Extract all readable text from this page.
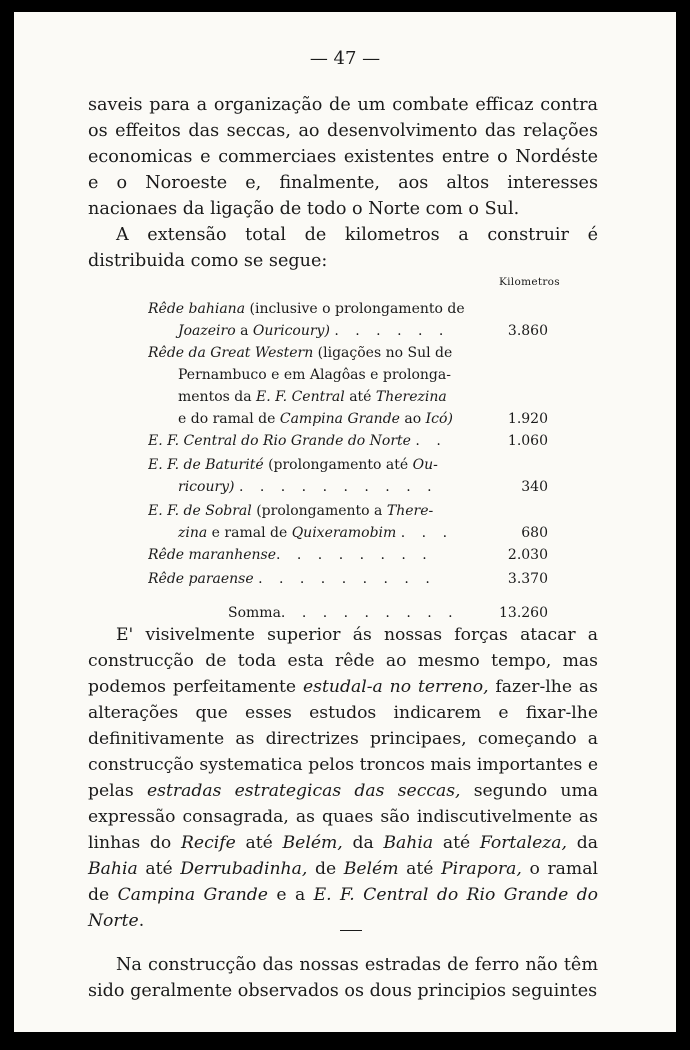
— 47 —

saveis para a organização de um combate efficaz contra os effeitos das seccas, ao desenvolvimento das relações economicas e commerciaes existentes entre o Nordéste e o Noroeste e, finalmente, aos altos interesses nacionaes da ligação de todo o Norte com o Sul.

A extensão total de kilometros a construir é distribuida como se segue:

Kilometros
Rêde bahiana (inclusive o prolongamento de
Joazeiro a Ouricoury) . . . . . .	3.860
Rêde da Great Western (ligações no Sul de
Pernambuco e em Alagôas e prolonga-
mentos da E. F. Central até Therezina
e do ramal de Campina Grande ao Icó)	1.920
E. F. Central do Rio Grande do Norte . .	1.060
E. F. de Baturité (prolongamento até Ou-
ricoury) . . . . . . . . . .	340
E. F. de Sobral (prolongamento a There-
zina e ramal de Quixeramobim . . .	680
Rêde maranhense. . . . . . . .	2.030
Rêde paraense . . . . . . . . .	3.370
Somma. . . . . . . . .	13.260

E' visivelmente superior ás nossas forças atacar a construcção de toda esta rêde ao mesmo tempo, mas podemos perfeitamente estudal-a no terreno, fazer-lhe as alterações que esses estudos indicarem e fixar-lhe definitivamente as directrizes principaes, começando a construcção systematica pelos troncos mais importantes e pelas estradas estrategicas das seccas, segundo uma expressão consagrada, as quaes são indiscutivelmente as linhas do Recife até Belém, da Bahia até Fortaleza, da Bahia até Derrubadinha, de Belém até Pirapora, o ramal de Campina Grande e a E. F. Central do Rio Grande do Norte.

Na construcção das nossas estradas de ferro não têm sido geralmente observados os dous principios seguintes
